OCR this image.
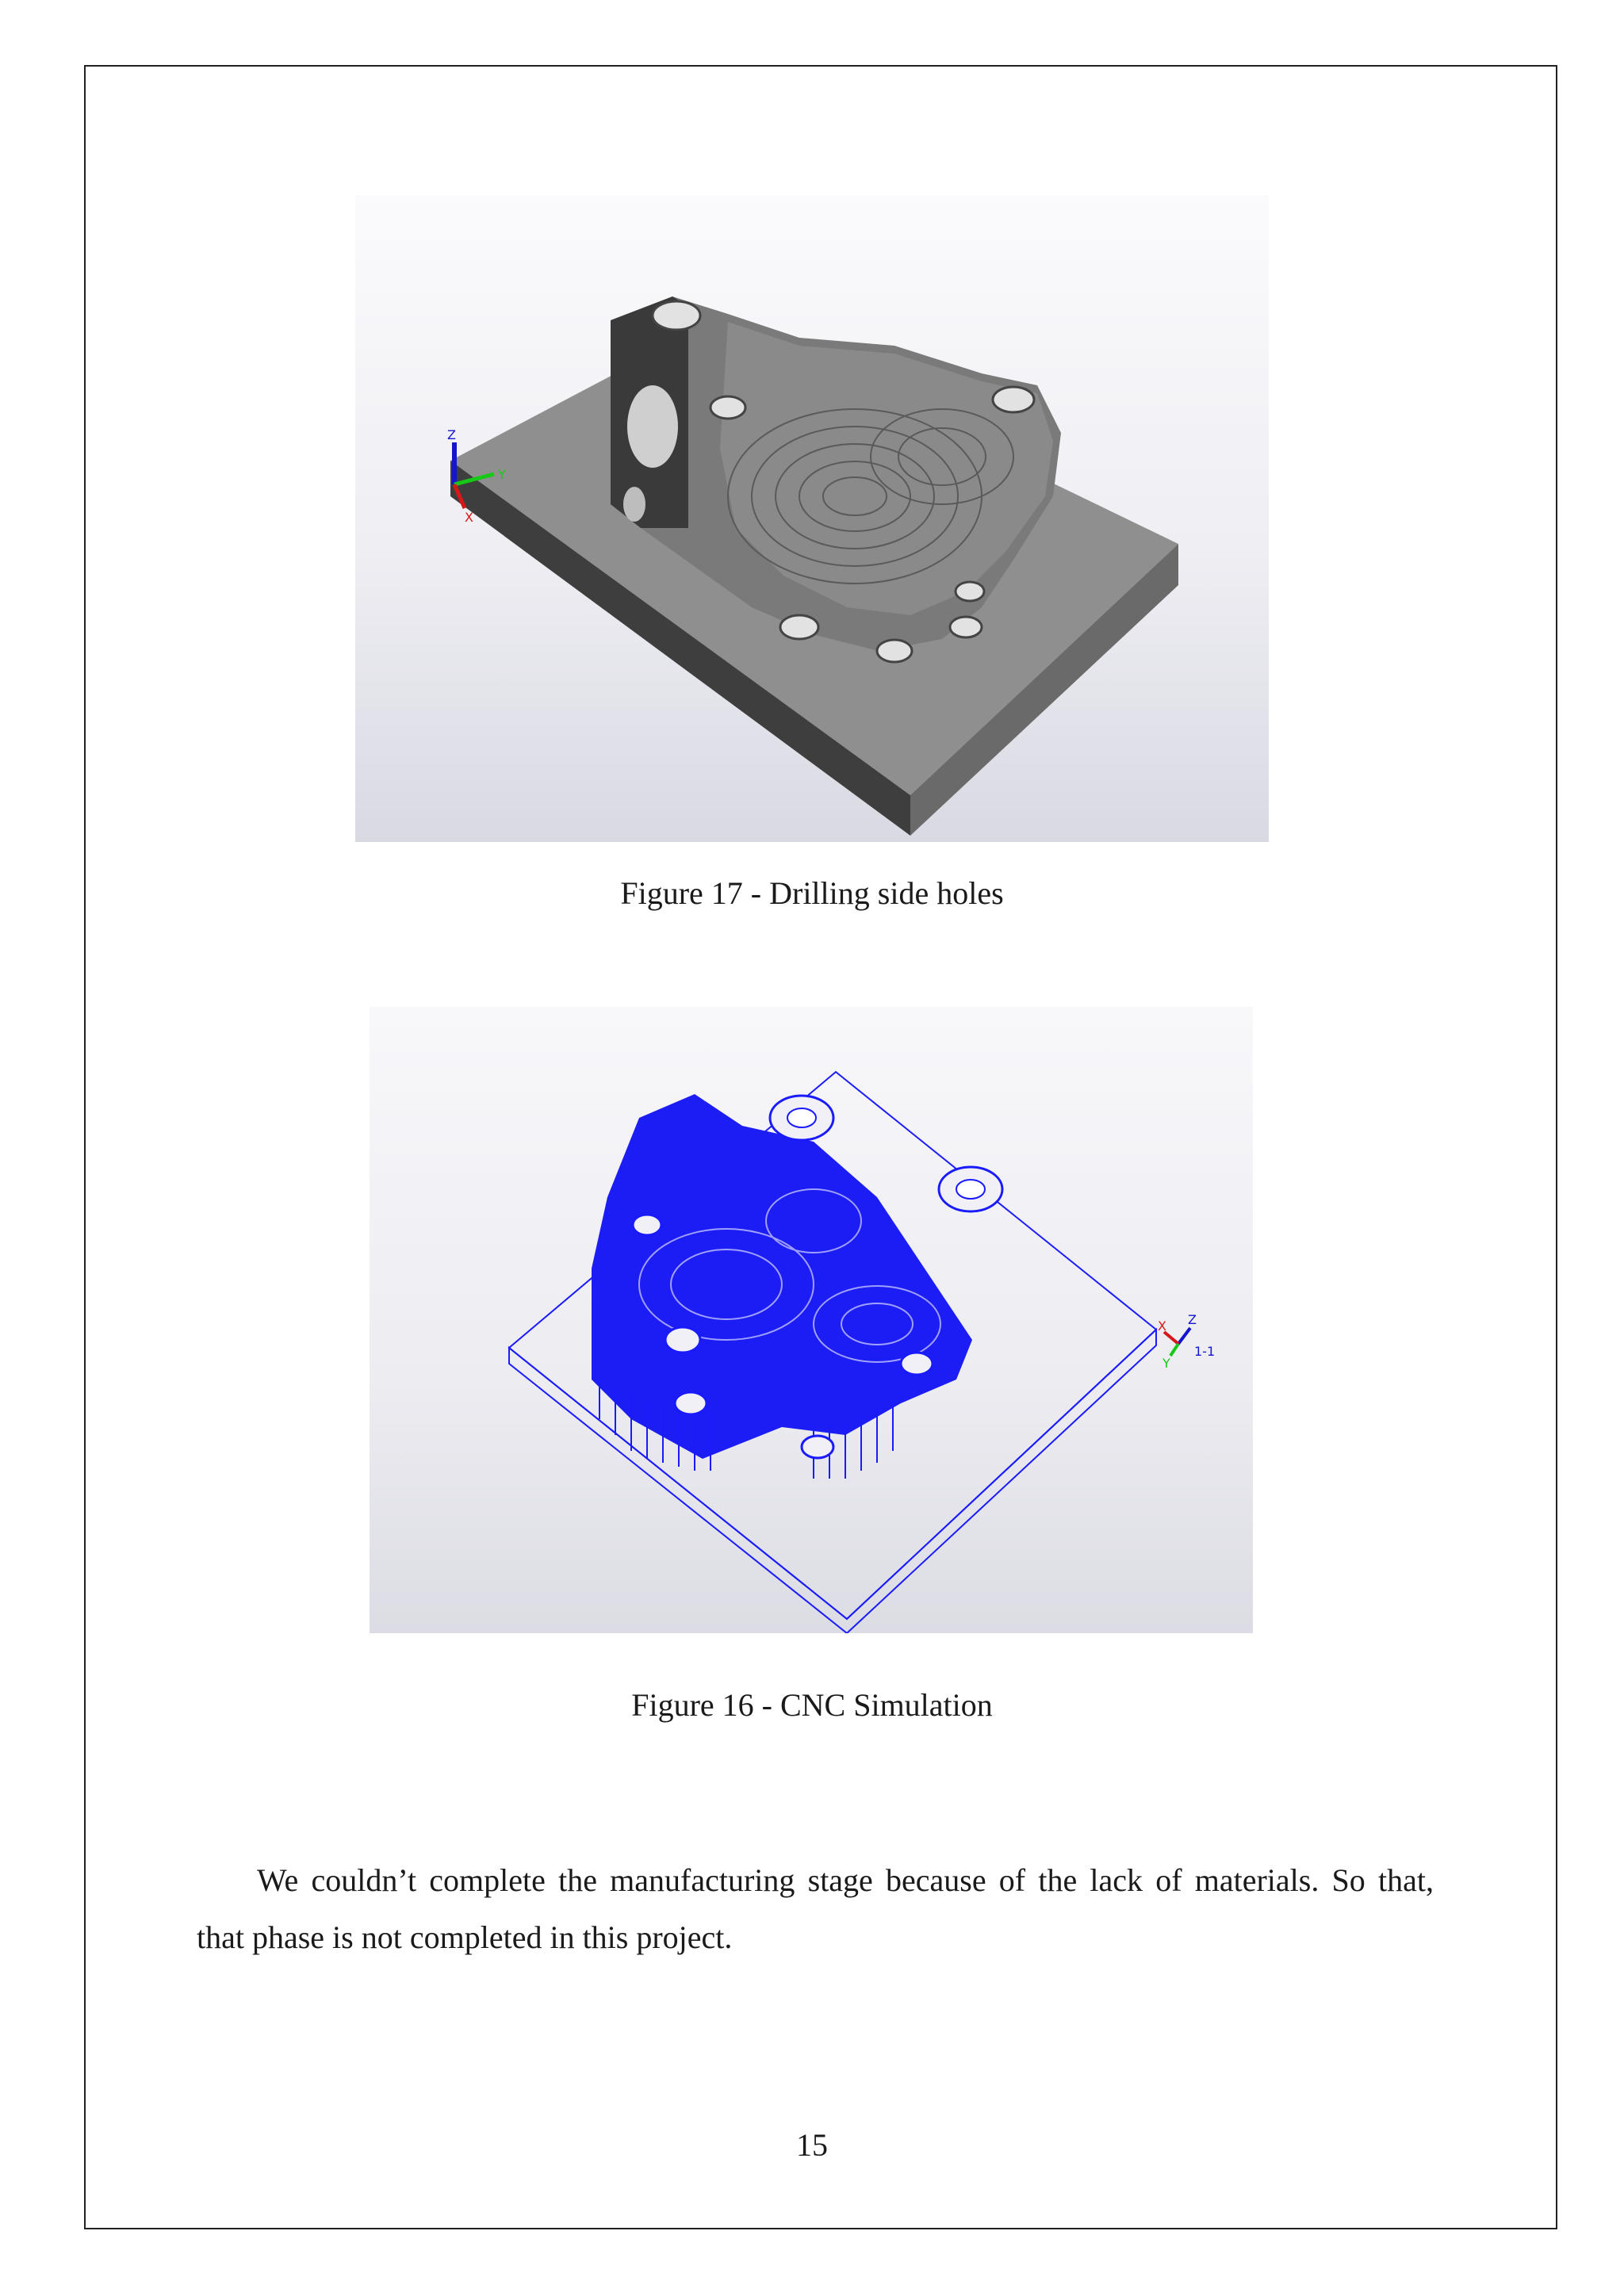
Z
Y
X
Figure 17 - Drilling side holes
X Z
Y
1-1
Figure 16 - CNC Simulation
We couldn’t complete the manufacturing stage because of the lack of materials. So that,
that phase is not completed in this project.
15
